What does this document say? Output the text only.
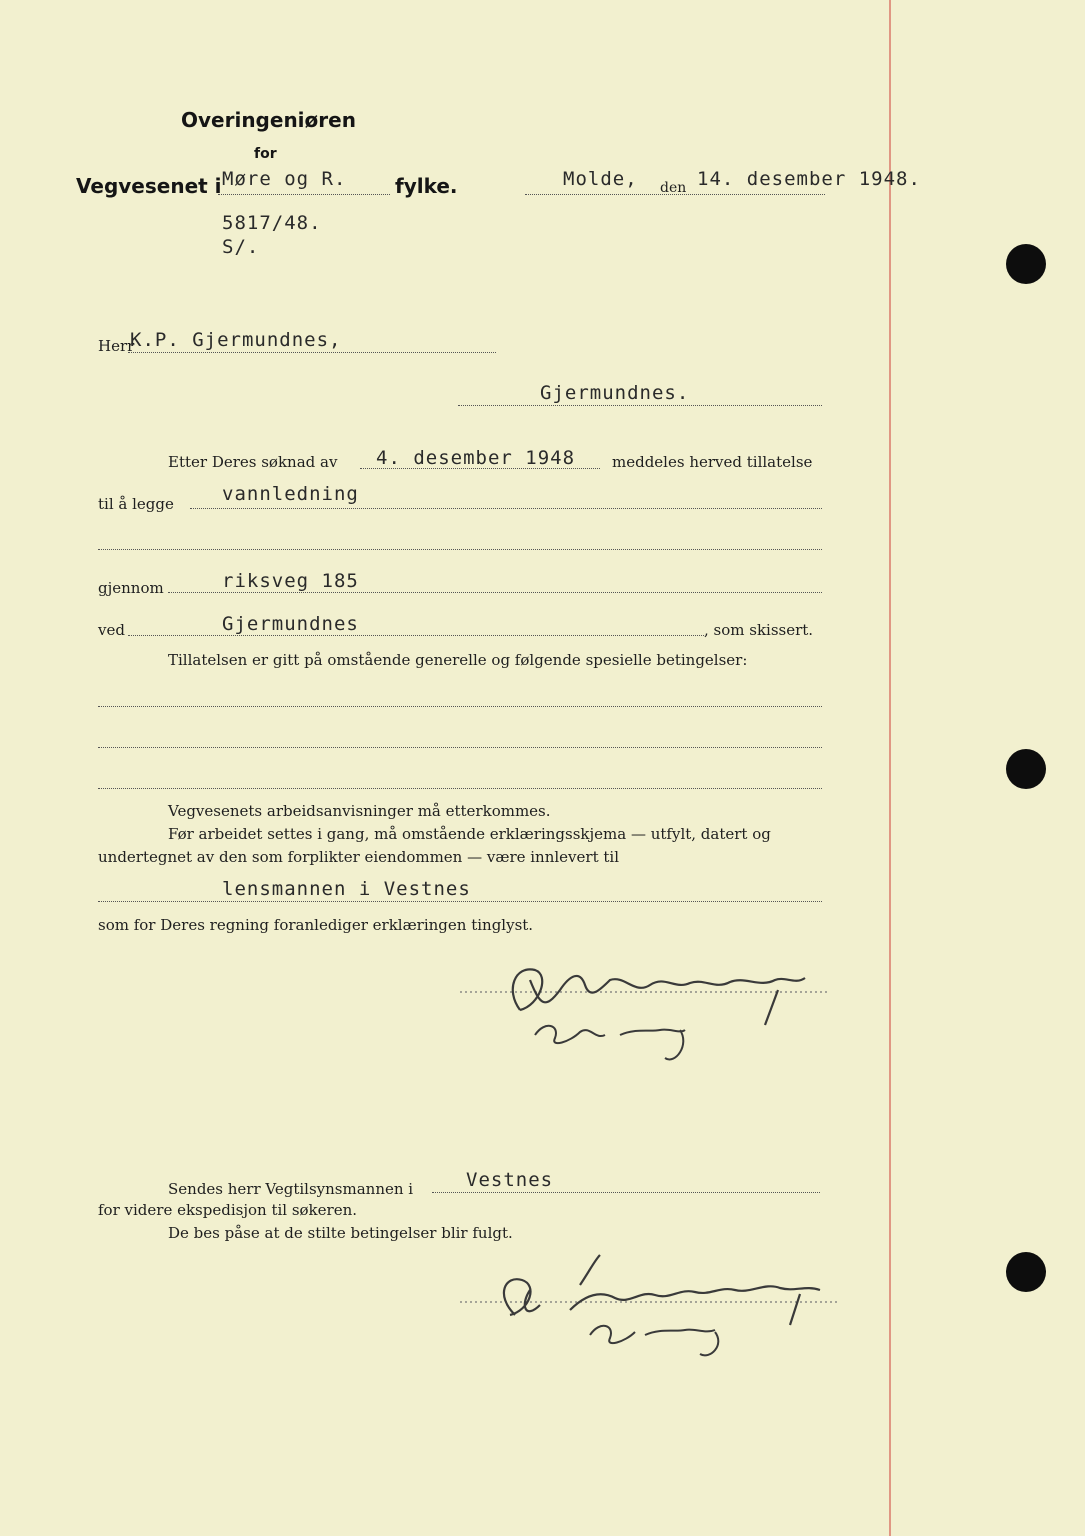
Overingeniøren
for
Vegvesenet i Møre og R. fylke.	Molde, den 14. desember 1948.
5817/48.
S/.
Herr
K.P. Gjermundnes,
Gjermundnes.
Etter Deres søknad av 4. desember 1948 meddeles herved tillatelse
til å legge	vannledning
gjennom	riksveg 185
ved	Gjermundnes	, som skissert.
Tillatelsen er gitt på omstående generelle og følgende spesielle betingelser:
Vegvesenets arbeidsanvisninger må etterkommes.
Før arbeidet settes i gang, må omstående erklæringsskjema — utfylt, datert og
undertegnet av den som forplikter eiendommen — være innlevert til
lensmannen i Vestnes
som for Deres regning foranlediger erklæringen tinglyst.
Sendes herr Vegtilsynsmannen i	Vestnes
for videre ekspedisjon til søkeren.
De bes påse at de stilte betingelser blir fulgt.
